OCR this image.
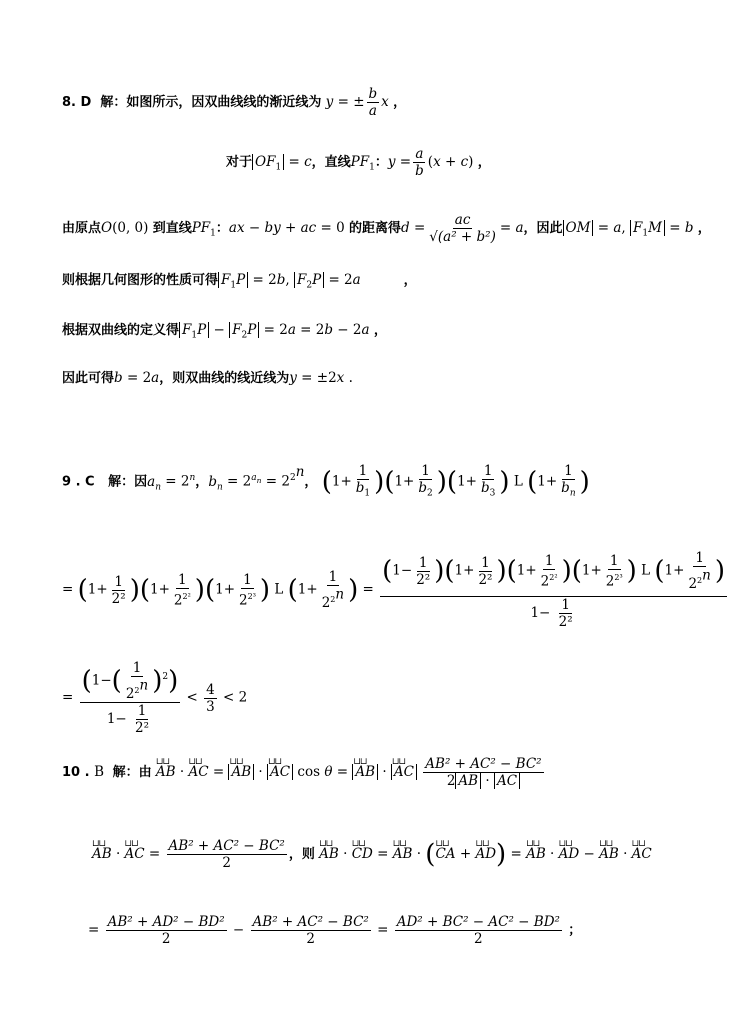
8. D  解：如图所示，因双曲线线的渐近线为 y = ± $\frac{b}{a}$ x ，
对于 $OF_1 = c$，直线$PF_1$：$y = \frac{a}{b} (x + c)$ ，
由原点O(0, 0) 到直线$PF_1$：ax − by + ac = 0 的距离得$d = \frac{ac}{\text{√(a² + b²)}} = a$，因此 OM = a, $F_1M = b$ ，
则根据几何图形的性质可得 $F_1P = 2b$, $F_2P = 2a$	，
根据双曲线的定义得 $F_1P - F_2P = 2a = 2b - 2a$ ，
因此可得b = 2a，则双曲线的线近线为y = ±2x .
9 . C   解：因$a_n = 2^n$，$b_n = 2^{a_n} = 2^{2^n}$， $(1+ \frac{1}{b_1} )(1+ \frac{1}{b_2} )(1+ \frac{1}{b_3}$ ) L ($1+ \frac{1}{b_n}$ )
= $(1+ \frac{1}{\text{2²}} )(1+ \frac{1}{2^{2^2}} )(1+ \frac{1}{2^{2^3}}$ ) L ($1+ \frac{1}{2^{2^n}}$ ) = $\frac{(1- \frac{1}{\text{2²}} )(1+ \frac{1}{\text{2²}} )(1+ \frac{1}{2^{2^2}} )(1+ \frac{1}{2^{2^3}} ) L (1+ \frac{1}{2^{2^n}} )}{1- \frac{1}{\text{2²}}}$
= $\frac{(1-( \frac{1}{2^{2^n}} )^2)}{1- \frac{1}{\text{2²}}} < \frac{4}{3} < 2$
10 . B  解：由 ⊔⊔ AB · ⊔⊔ AC = ⊔⊔ AB · ⊔⊔ AC cos θ = ⊔⊔ AB · ⊔⊔ AC $\frac{\text{AB² + AC² − BC²}}{2 AB \cdot AC}$
⊔⊔ AB · ⊔⊔ AC = $\frac{\text{AB² + AC² − BC²}}{2}$ ，则 ⊔⊔ AB · ⊔⊔ CD = ⊔⊔ AB · (⊔⊔ CA + ⊔⊔ AD) = ⊔⊔ AB · ⊔⊔ AD − ⊔⊔ AB · ⊔⊔ AC
= $\frac{\text{AB² + AD² − BD²}}{2} - \frac{\text{AB² + AC² − BC²}}{2} = \frac{\text{AD² + BC² − AC² − BD²}}{2}$ ；
